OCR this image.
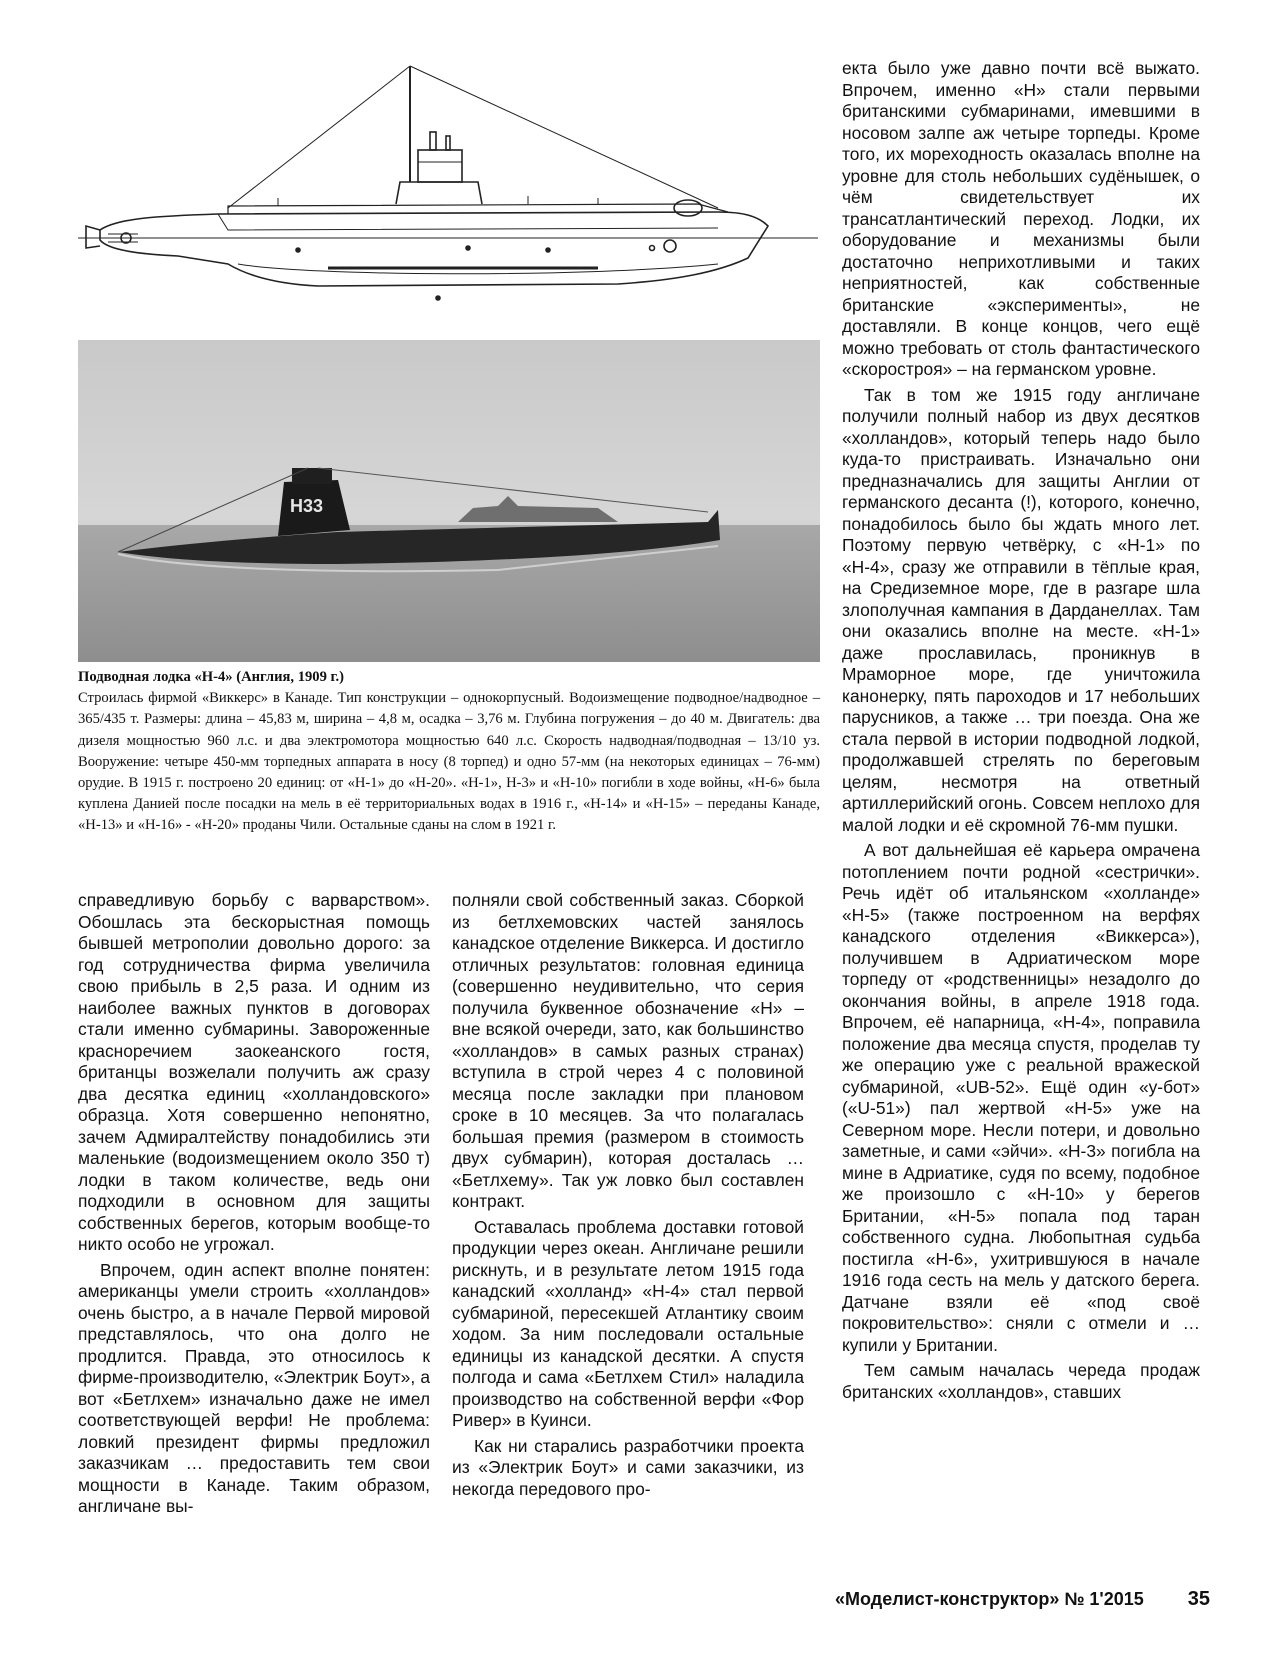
H33
Подводная лодка «Н-4» (Англия, 1909 г.)
Строилась фирмой «Виккерс» в Канаде. Тип конструкции – однокорпусный. Водоизмещение подводное/надводное – 365/435 т. Размеры: длина – 45,83 м, ширина – 4,8 м, осадка – 3,76 м. Глубина погружения – до 40 м. Двигатель: два дизеля мощностью 960 л.с. и два электромотора мощностью 640 л.с. Скорость надводная/подводная – 13/10 уз. Вооружение: четыре 450-мм торпедных аппарата в носу (8 торпед) и одно 57-мм (на некоторых единицах – 76-мм) орудие. В 1915 г. построено 20 единиц: от «Н-1» до «Н-20». «Н-1», Н-3» и «Н-10» погибли в ходе войны, «Н-6» была куплена Данией после посадки на мель в её территориальных водах в 1916 г., «Н-14» и «Н-15» – переданы Канаде, «Н-13» и «Н-16» - «Н-20» проданы Чили. Остальные сданы на слом в 1921 г.

справедливую борьбу с варварством». Обошлась эта бескорыстная помощь бывшей метрополии довольно дорого: за год сотрудничества фирма увеличила свою прибыль в 2,5 раза. И одним из наиболее важных пунктов в договорах стали именно субмарины. Завороженные красноречием заокеанского гостя, британцы возжелали получить аж сразу два десятка единиц «холландовского» образца. Хотя совершенно непонятно, зачем Адмиралтейству понадобились эти маленькие (водоизмещением около 350 т) лодки в таком количестве, ведь они подходили в основном для защиты собственных берегов, которым вообще-то никто особо не угрожал.

Впрочем, один аспект вполне понятен: американцы умели строить «холландов» очень быстро, а в начале Первой мировой представлялось, что она долго не продлится. Правда, это относилось к фирме-производителю, «Электрик Боут», а вот «Бетлхем» изначально даже не имел соответствующей верфи! Не проблема: ловкий президент фирмы предложил заказчикам … предоставить тем свои мощности в Канаде. Таким образом, англичане вы-

полняли свой собственный заказ. Сборкой из бетлхемовских частей занялось канадское отделение Виккерса. И достигло отличных результатов: головная единица (совершенно неудивительно, что серия получила буквенное обозначение «Н» – вне всякой очереди, зато, как большинство «холландов» в самых разных странах) вступила в строй через 4 с половиной месяца после закладки при плановом сроке в 10 месяцев. За что полагалась большая премия (размером в стоимость двух субмарин), которая досталась … «Бетлхему». Так уж ловко был составлен контракт.

Оставалась проблема доставки готовой продукции через океан. Англичане решили рискнуть, и в результате летом 1915 года канадский «холланд» «Н-4» стал первой субмариной, пересекшей Атлантику своим ходом. За ним последовали остальные единицы из канадской десятки. А спустя полгода и сама «Бетлхем Стил» наладила производство на собственной верфи «Фор Ривер» в Куинси.

Как ни старались разработчики проекта из «Электрик Боут» и сами заказчики, из некогда передового про-

екта было уже давно почти всё выжато. Впрочем, именно «Н» стали первыми британскими субмаринами, имевшими в носовом залпе аж четыре торпеды. Кроме того, их мореходность оказалась вполне на уровне для столь небольших судёнышек, о чём свидетельствует их трансатлантический переход. Лодки, их оборудование и механизмы были достаточно неприхотливыми и таких неприятностей, как собственные британские «эксперименты», не доставляли. В конце концов, чего ещё можно требовать от столь фантастического «скоростроя» – на германском уровне.

Так в том же 1915 году англичане получили полный набор из двух десятков «холландов», который теперь надо было куда-то пристраивать. Изначально они предназначались для защиты Англии от германского десанта (!), которого, конечно, понадобилось было бы ждать много лет. Поэтому первую четвёрку, с «Н-1» по «Н-4», сразу же отправили в тёплые края, на Средиземное море, где в разгаре шла злополучная кампания в Дарданеллах. Там они оказались вполне на месте. «Н-1» даже прославилась, проникнув в Мраморное море, где уничтожила канонерку, пять пароходов и 17 небольших парусников, а также … три поезда. Она же стала первой в истории подводной лодкой, продолжавшей стрелять по береговым целям, несмотря на ответный артиллерийский огонь. Совсем неплохо для малой лодки и её скромной 76-мм пушки.

А вот дальнейшая её карьера омрачена потоплением почти родной «сестрички». Речь идёт об итальянском «холланде» «Н-5» (также построенном на верфях канадского отделения «Виккерса»), получившем в Адриатическом море торпеду от «родственницы» незадолго до окончания войны, в апреле 1918 года. Впрочем, её напарница, «Н-4», поправила положение два месяца спустя, проделав ту же операцию уже с реальной вражеской субмариной, «UB-52». Ещё один «у-бот» («U-51») пал жертвой «Н-5» уже на Северном море. Несли потери, и довольно заметные, и сами «эйчи». «Н-3» погибла на мине в Адриатике, судя по всему, подобное же произошло с «Н-10» у берегов Британии, «Н-5» попала под таран собственного судна. Любопытная судьба постигла «Н-6», ухитрившуюся в начале 1916 года сесть на мель у датского берега. Датчане взяли её «под своё покровительство»: сняли с отмели и … купили у Британии.

Тем самым началась череда продаж британских «холландов», ставших

«Моделист-конструктор» № 1'2015 35
